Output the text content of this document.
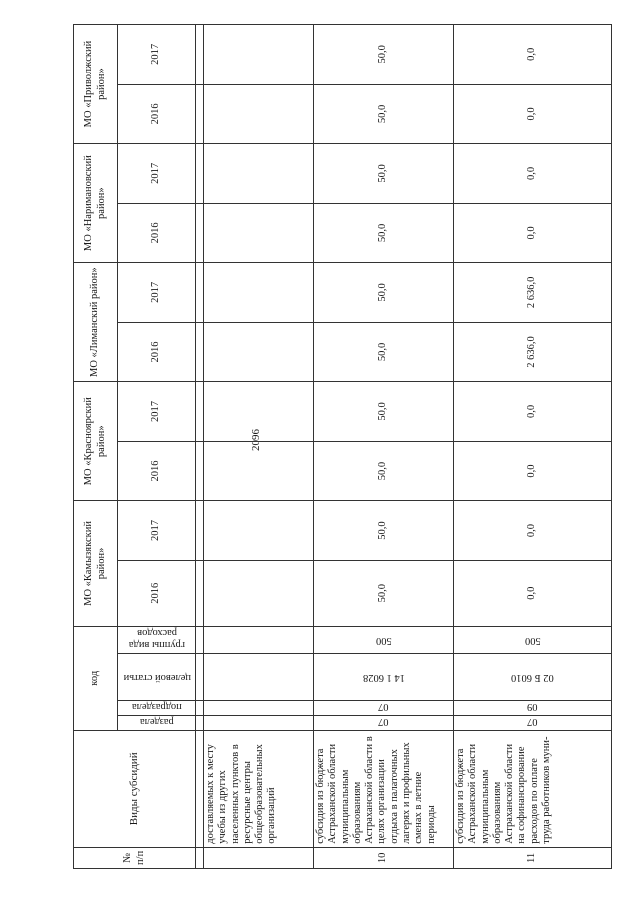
2096
№ п/п	Виды субсидий	код				МО «Камызякский район»		МО «Красноярский район»		МО «Лиманский район»		МО «Наримановский район»		МО «Приволжский район»	

		раздела	подраздела	целевой статьи	группы вида расходов	2016	2017	2016	2017	2016	2017	2016	2017	2016	2017

	доставляемых к месту учебы из других населенных пунктов в ресурсные центры общеобразовательных организаций	

10	субсидия из бюджета Астраханской области муниципальным образованиям Астраханской области в целях организации отдыха в палаточных лагерях и профильных сменах в летние периоды	07	07	14 1 6028	500	50,0	50,0	50,0	50,0	50,0	50,0	50,0	50,0	50,0	50,0
11	субсидия из бюджета Астраханской области муниципальным образованиям Астраханской области на софинансирование расходов по оплате труда работников муни-	07	09	02 Б 6010	500	0,0	0,0	0,0	0,0	2 636,0	2 636,0	0,0	0,0	0,0	0,0
